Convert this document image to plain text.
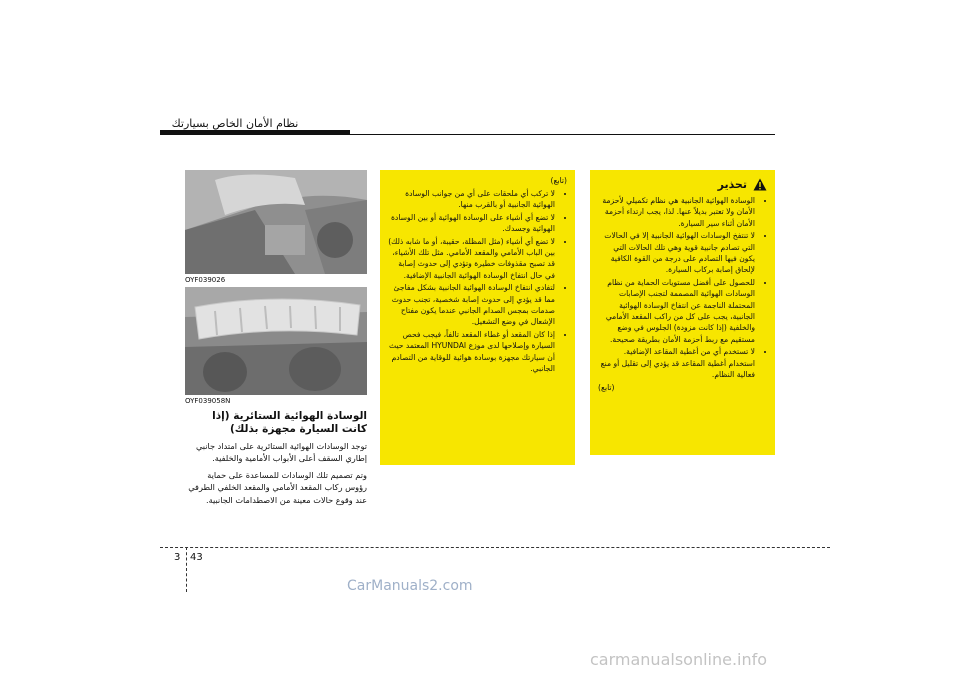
نظام الأمان الخاص بسيارتك
تحذير
• الوسادة الهوائية الجانبية هي نظام تكميلي لأحزمة الأمان ولا تعتبر بديلاً عنها. لذا، يجب ارتداء أحزمة الأمان أثناء سير السيارة.
• لا تنتفخ الوسادات الهوائية الجانبية إلا في الحالات التي تصادم جانبية قوية وهي تلك الحالات التي يكون فيها التصادم على درجة من القوة الكافية لإلحاق إصابة بركاب السيارة.
• للحصول على أفضل مستويات الحماية من نظام الوسادات الهوائية المصممة لتجنب الإصابات المحتملة الناجمة عن انتفاخ الوسادة الهوائية الجانبية، يجب على كل من راكب المقعد الأمامي والخلفية (إذا كانت مزودة) الجلوس في وضع مستقيم مع ربط أحزمة الأمان بطريقة صحيحة.
• لا تستخدم أي من أغطية المقاعد الإضافية. استخدام أغطية المقاعد قد يؤدي إلى تقليل أو منع فعالية النظام.
(تابع)
(تابع)
• لا تركب أي ملحقات على أي من جوانب الوسادة الهوائية الجانبية أو بالقرب منها.
• لا تضع أي أشياء على الوسادة الهوائية أو بين الوسادة الهوائية وجسدك.
• لا تضع أي أشياء (مثل المظلة، حقيبة، أو ما شابه ذلك) بين الباب الأمامي والمقعد الأمامي. مثل تلك الأشياء، قد تصبح مقذوفات خطيرة وتؤدي إلى حدوث إصابة في حال انتفاخ الوسادة الهوائية الجانبية الإضافية.
• لتفادي انتفاخ الوسادة الهوائية الجانبية بشكل مفاجئ مما قد يؤدي إلى حدوث إصابة شخصية، تجنب حدوث صدمات بمجس الصدام الجانبي عندما يكون مفتاح الإشعال في وضع التشغيل.
• إذا كان المقعد أو غطاء المقعد تالفاً، فيجب فحص السيارة وإصلاحها لدى موزع HYUNDAI المعتمد حيث أن سيارتك مجهزة بوسادة هوائية للوقاية من التصادم الجانبي.
OYF039026
OYF039058N
الوسادة الهوائية الستائرية (إذا كانت السيارة مجهزة بذلك)

توجد الوسادات الهوائية الستائرية على امتداد جانبي إطاري السقف أعلى الأبواب الأمامية والخلفية.

وتم تصميم تلك الوسادات للمساعدة على حماية رؤوس ركاب المقعد الأمامي والمقعد الخلفي الطرفي عند وقوع حالات معينة من الاصطدامات الجانبية.

3 43
CarManuals2.com
carmanualsonline.info
